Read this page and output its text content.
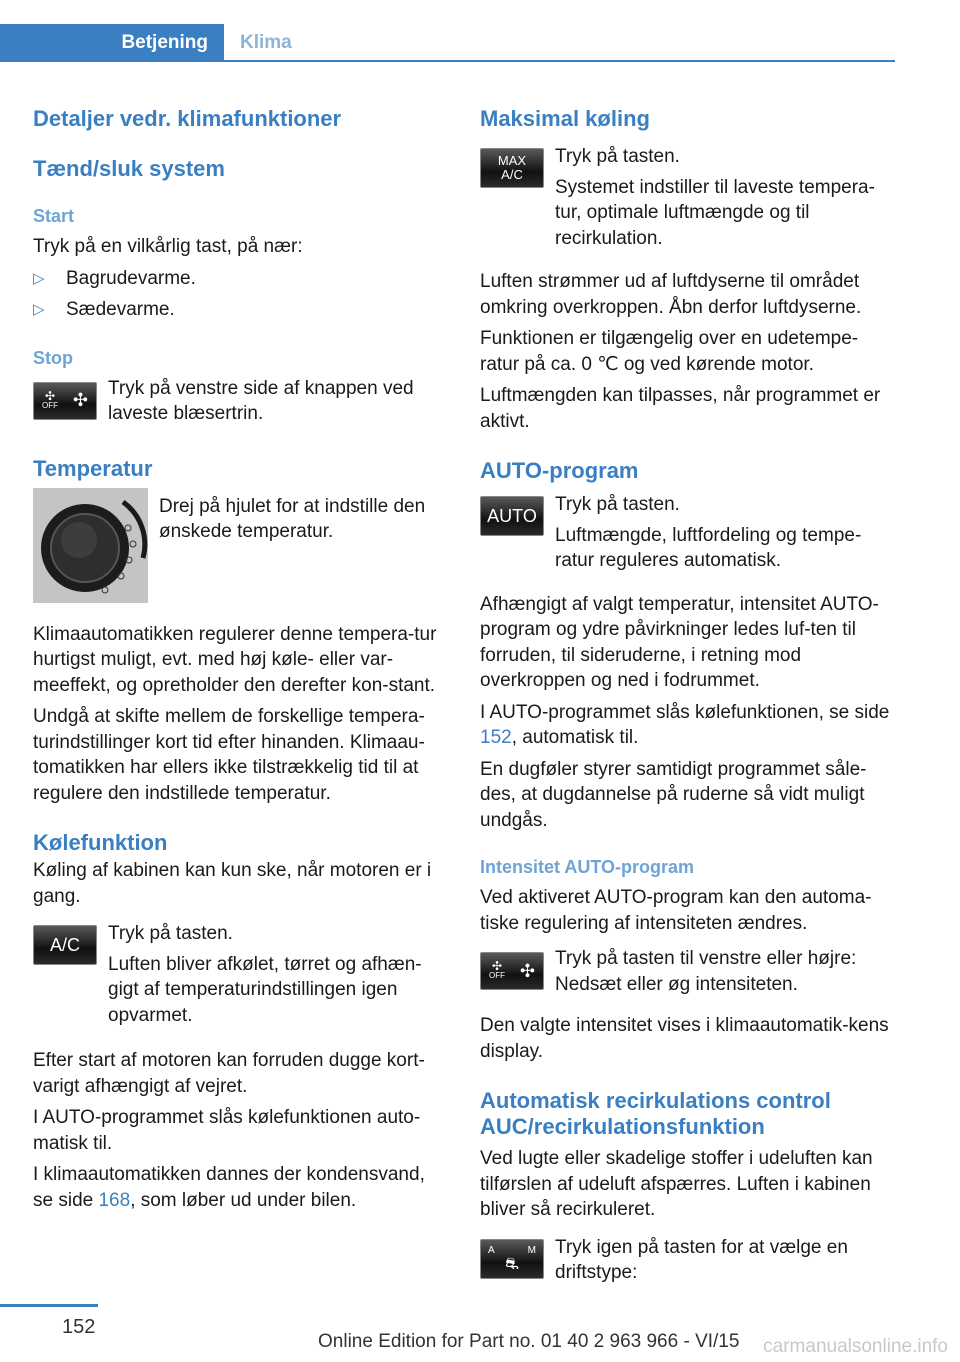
Betjening	Klima
Detaljer vedr. klimafunktioner
Tænd/sluk system
Start

Tryk på en vilkårlig tast, på nær:

▷	Bagrudevarme.
▷	Sædevarme.
Stop
✣
OFF ✣

Tryk på venstre side af knappen ved laveste blæsertrin.

Temperatur

Drej på hjulet for at indstille den ønskede temperatur.

Klimaautomatikken regulerer denne tempera-tur hurtigst muligt, evt. med høj køle- eller var-meeffekt, og opretholder den derefter kon-stant.

Undgå at skifte mellem de forskellige tempera-turindstillinger kort tid efter hinanden. Klimaau-tomatikken har ellers ikke tilstrækkelig tid til at regulere den indstillede temperatur.

Kølefunktion

Køling af kabinen kan kun ske, når motoren er i gang.

A/C

Tryk på tasten.

Luften bliver afkølet, tørret og afhæn-gigt af temperaturindstillingen igen opvarmet.

Efter start af motoren kan forruden dugge kort-varigt afhængigt af vejret.

I AUTO-programmet slås kølefunktionen auto-matisk til.

I klimaautomatikken dannes der kondensvand, se side 168, som løber ud under bilen.

Maksimal køling
MAX
A/C

Tryk på tasten.

Systemet indstiller til laveste tempera-tur, optimale luftmængde og til recirkulation.

Luften strømmer ud af luftdyserne til området omkring overkroppen. Åbn derfor luftdyserne.

Funktionen er tilgængelig over en udetempe-ratur på ca. 0 ℃ og ved kørende motor.

Luftmængden kan tilpasses, når programmet er aktivt.

AUTO-program
AUTO

Tryk på tasten.

Luftmængde, luftfordeling og tempe-ratur reguleres automatisk.

Afhængigt af valgt temperatur, intensitet AUTO-program og ydre påvirkninger ledes luf-ten til forruden, til sideruderne, i retning mod overkroppen og ned i fodrummet.

I AUTO-programmet slås kølefunktionen, se side 152, automatisk til.

En dugføler styrer samtidigt programmet såle-des, at dugdannelse på ruderne så vidt muligt undgås.

Intensitet AUTO-program

Ved aktiveret AUTO-program kan den automa-tiske regulering af intensiteten ændres.

✣
OFF ✣

Tryk på tasten til venstre eller højre: Nedsæt eller øg intensiteten.

Den valgte intensitet vises i klimaautomatik-kens display.

Automatisk recirkulations control AUC/recirkulationsfunktion

Ved lugte eller skadelige stoffer i udeluften kan tilførslen af udeluft afspærres. Luften i kabinen bliver så recirkuleret.

A	M
⛐

Tryk igen på tasten for at vælge en driftstype:

152
Online Edition for Part no. 01 40 2 963 966 - VI/15 carmanualsonline.info
